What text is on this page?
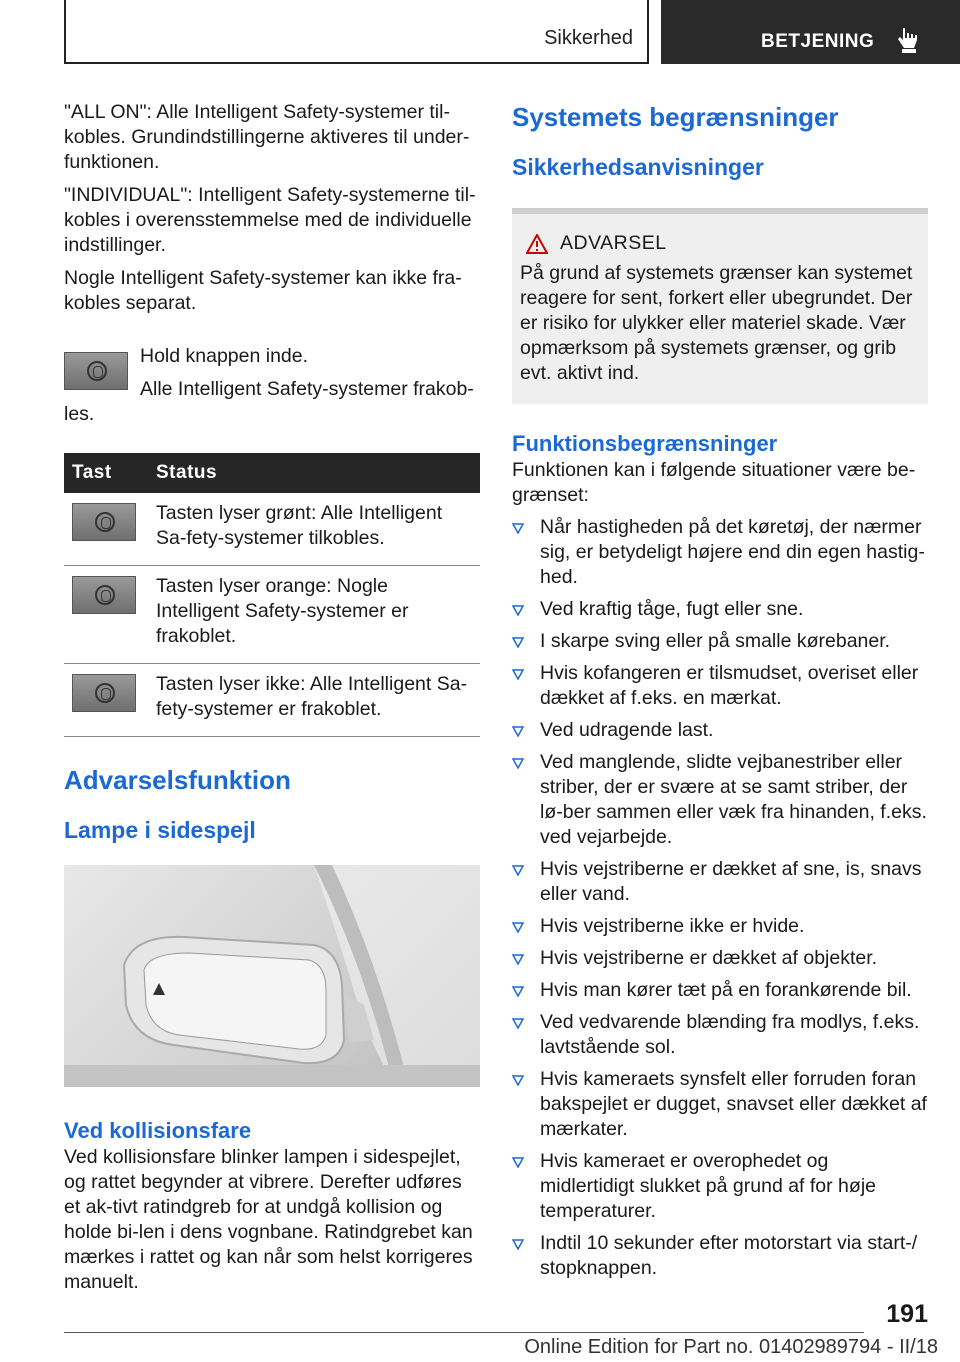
Sikkerhed	BETJENING

"ALL ON": Alle Intelligent Safety-systemer til-kobles. Grundindstillingerne aktiveres til under-funktionen.

"INDIVIDUAL": Intelligent Safety-systemerne til-kobles i overensstemmelse med de individuelle indstillinger.

Nogle Intelligent Safety-systemer kan ikke fra-kobles separat.

Hold knappen inde.
Alle Intelligent Safety-systemer frakob-
les.
Tast	Status

	Tasten lyser grønt: Alle Intelligent Sa-fety-systemer tilkobles.

	Tasten lyser orange: Nogle Intelligent Safety-systemer er frakoblet.

	Tasten lyser ikke: Alle Intelligent Sa-fety-systemer er frakoblet.
Advarselsfunktion
Lampe i sidespejl
Ved kollisionsfare

Ved kollisionsfare blinker lampen i sidespejlet, og rattet begynder at vibrere. Derefter udføres et ak-tivt ratindgreb for at undgå kollision og holde bi-len i dens vognbane. Ratindgrebet kan mærkes i rattet og kan når som helst korrigeres manuelt.

Systemets begrænsninger
Sikkerhedsanvisninger
ADVARSEL
På grund af systemets grænser kan systemet reagere for sent, forkert eller ubegrundet. Der er risiko for ulykker eller materiel skade. Vær opmærksom på systemets grænser, og grib evt. aktivt ind.
Funktionsbegrænsninger

Funktionen kan i følgende situationer være be-grænset:

Når hastigheden på det køretøj, der nærmer sig, er betydeligt højere end din egen hastig-hed.
Ved kraftig tåge, fugt eller sne.
I skarpe sving eller på smalle kørebaner.
Hvis kofangeren er tilsmudset, overiset eller dækket af f.eks. en mærkat.
Ved udragende last.
Ved manglende, slidte vejbanestriber eller striber, der er svære at se samt striber, der lø-ber sammen eller væk fra hinanden, f.eks. ved vejarbejde.
Hvis vejstriberne er dækket af sne, is, snavs eller vand.
Hvis vejstriberne ikke er hvide.
Hvis vejstriberne er dækket af objekter.
Hvis man kører tæt på en forankørende bil.
Ved vedvarende blænding fra modlys, f.eks. lavtstående sol.
Hvis kameraets synsfelt eller forruden foran bakspejlet er dugget, snavset eller dækket af mærkater.
Hvis kameraet er overophedet og midlertidigt slukket på grund af for høje temperaturer.
Indtil 10 sekunder efter motorstart via start-/ stopknappen.
191
Online Edition for Part no. 01402989794 - II/18
